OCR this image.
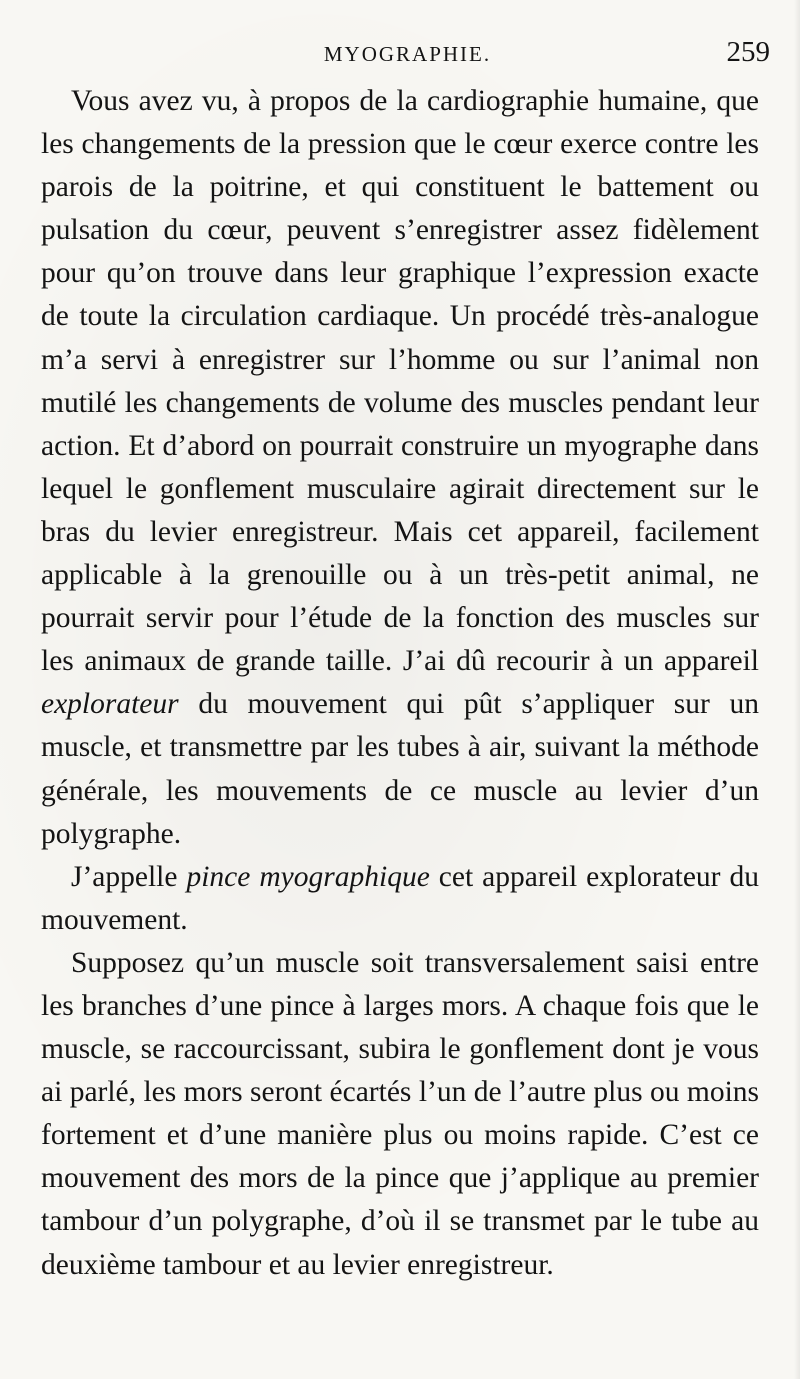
MYOGRAPHIE.	259

Vous avez vu, à propos de la cardiographie humaine, que les changements de la pression que le cœur exerce contre les parois de la poitrine, et qui constituent le battement ou pulsation du cœur, peuvent s’enregistrer assez fidèlement pour qu’on trouve dans leur graphique l’expression exacte de toute la circulation cardiaque. Un procédé très-analogue m’a servi à enregistrer sur l’homme ou sur l’animal non mutilé les changements de volume des muscles pendant leur action. Et d’abord on pourrait construire un myographe dans lequel le gonflement musculaire agirait directement sur le bras du levier enregistreur. Mais cet appareil, facilement applicable à la grenouille ou à un très-petit animal, ne pourrait servir pour l’étude de la fonction des muscles sur les animaux de grande taille. J’ai dû recourir à un appareil explorateur du mouvement qui pût s’appliquer sur un muscle, et transmettre par les tubes à air, suivant la méthode générale, les mouvements de ce muscle au levier d’un polygraphe.

J’appelle pince myographique cet appareil explorateur du mouvement.

Supposez qu’un muscle soit transversalement saisi entre les branches d’une pince à larges mors. A chaque fois que le muscle, se raccourcissant, subira le gonflement dont je vous ai parlé, les mors seront écartés l’un de l’autre plus ou moins fortement et d’une manière plus ou moins rapide. C’est ce mouvement des mors de la pince que j’applique au premier tambour d’un polygraphe, d’où il se transmet par le tube au deuxième tambour et au levier enregistreur.
